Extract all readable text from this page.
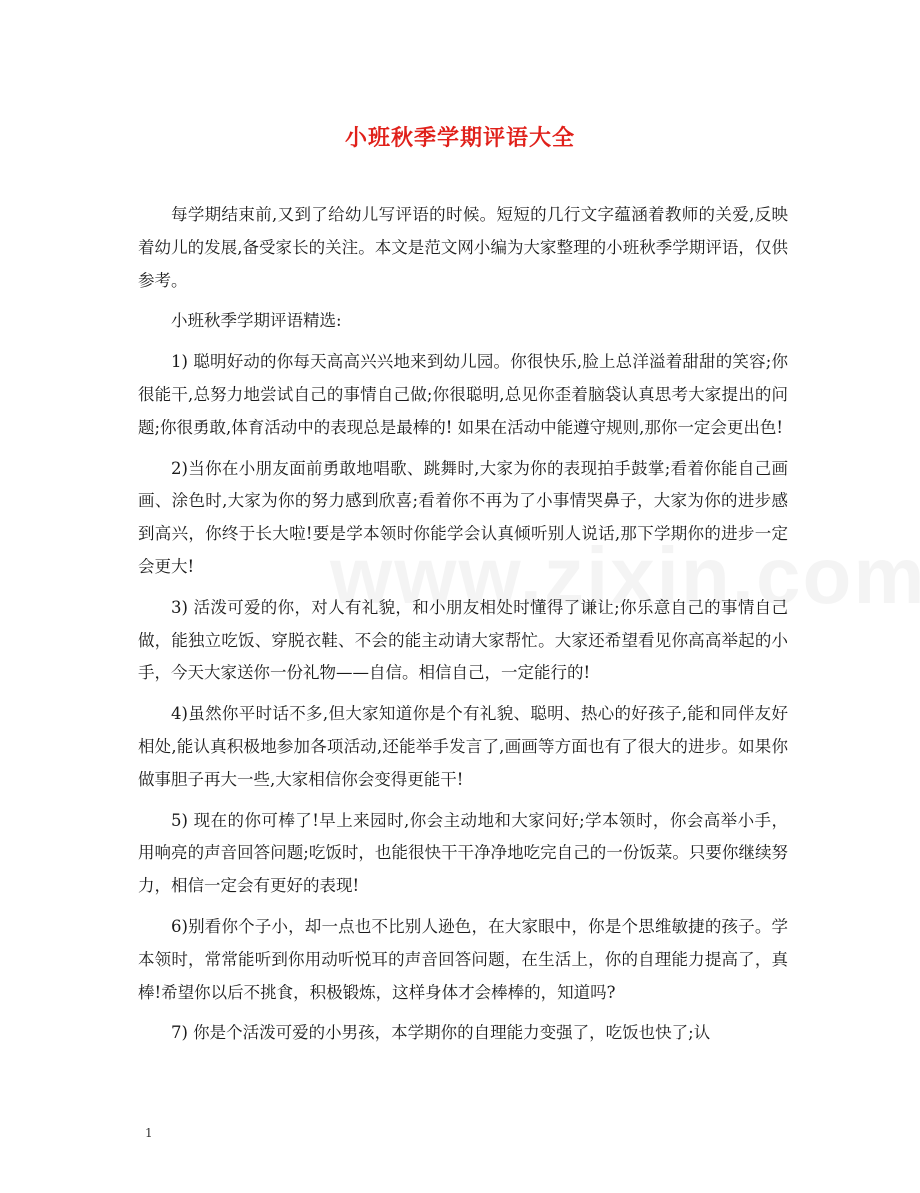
小班秋季学期评语大全

每学期结束前,又到了给幼儿写评语的时候。短短的几行文字蕴涵着教师的关爱,反映着幼儿的发展,备受家长的关注。本文是范文网小编为大家整理的小班秋季学期评语，仅供参考。

小班秋季学期评语精选:

1) 聪明好动的你每天高高兴兴地来到幼儿园。你很快乐,脸上总洋溢着甜甜的笑容;你很能干,总努力地尝试自己的事情自己做;你很聪明,总见你歪着脑袋认真思考大家提出的问题;你很勇敢,体育活动中的表现总是最棒的! 如果在活动中能遵守规则,那你一定会更出色!

2)当你在小朋友面前勇敢地唱歌、跳舞时,大家为你的表现拍手鼓掌;看着你能自己画画、涂色时,大家为你的努力感到欣喜;看着你不再为了小事情哭鼻子，大家为你的进步感到高兴，你终于长大啦!要是学本领时你能学会认真倾听别人说话,那下学期你的进步一定会更大!

3) 活泼可爱的你，对人有礼貌，和小朋友相处时懂得了谦让;你乐意自己的事情自己做，能独立吃饭、穿脱衣鞋、不会的能主动请大家帮忙。大家还希望看见你高高举起的小手，今天大家送你一份礼物——自信。相信自己，一定能行的!

4)虽然你平时话不多,但大家知道你是个有礼貌、聪明、热心的好孩子,能和同伴友好相处,能认真积极地参加各项活动,还能举手发言了,画画等方面也有了很大的进步。如果你做事胆子再大一些,大家相信你会变得更能干!

5) 现在的你可棒了!早上来园时,你会主动地和大家问好;学本领时，你会高举小手，用响亮的声音回答问题;吃饭时，也能很快干干净净地吃完自己的一份饭菜。只要你继续努力，相信一定会有更好的表现!

6)别看你个子小，却一点也不比别人逊色，在大家眼中，你是个思维敏捷的孩子。学本领时，常常能听到你用动听悦耳的声音回答问题，在生活上，你的自理能力提高了，真棒!希望你以后不挑食，积极锻炼，这样身体才会棒棒的，知道吗?

7) 你是个活泼可爱的小男孩，本学期你的自理能力变强了，吃饭也快了;认

1
